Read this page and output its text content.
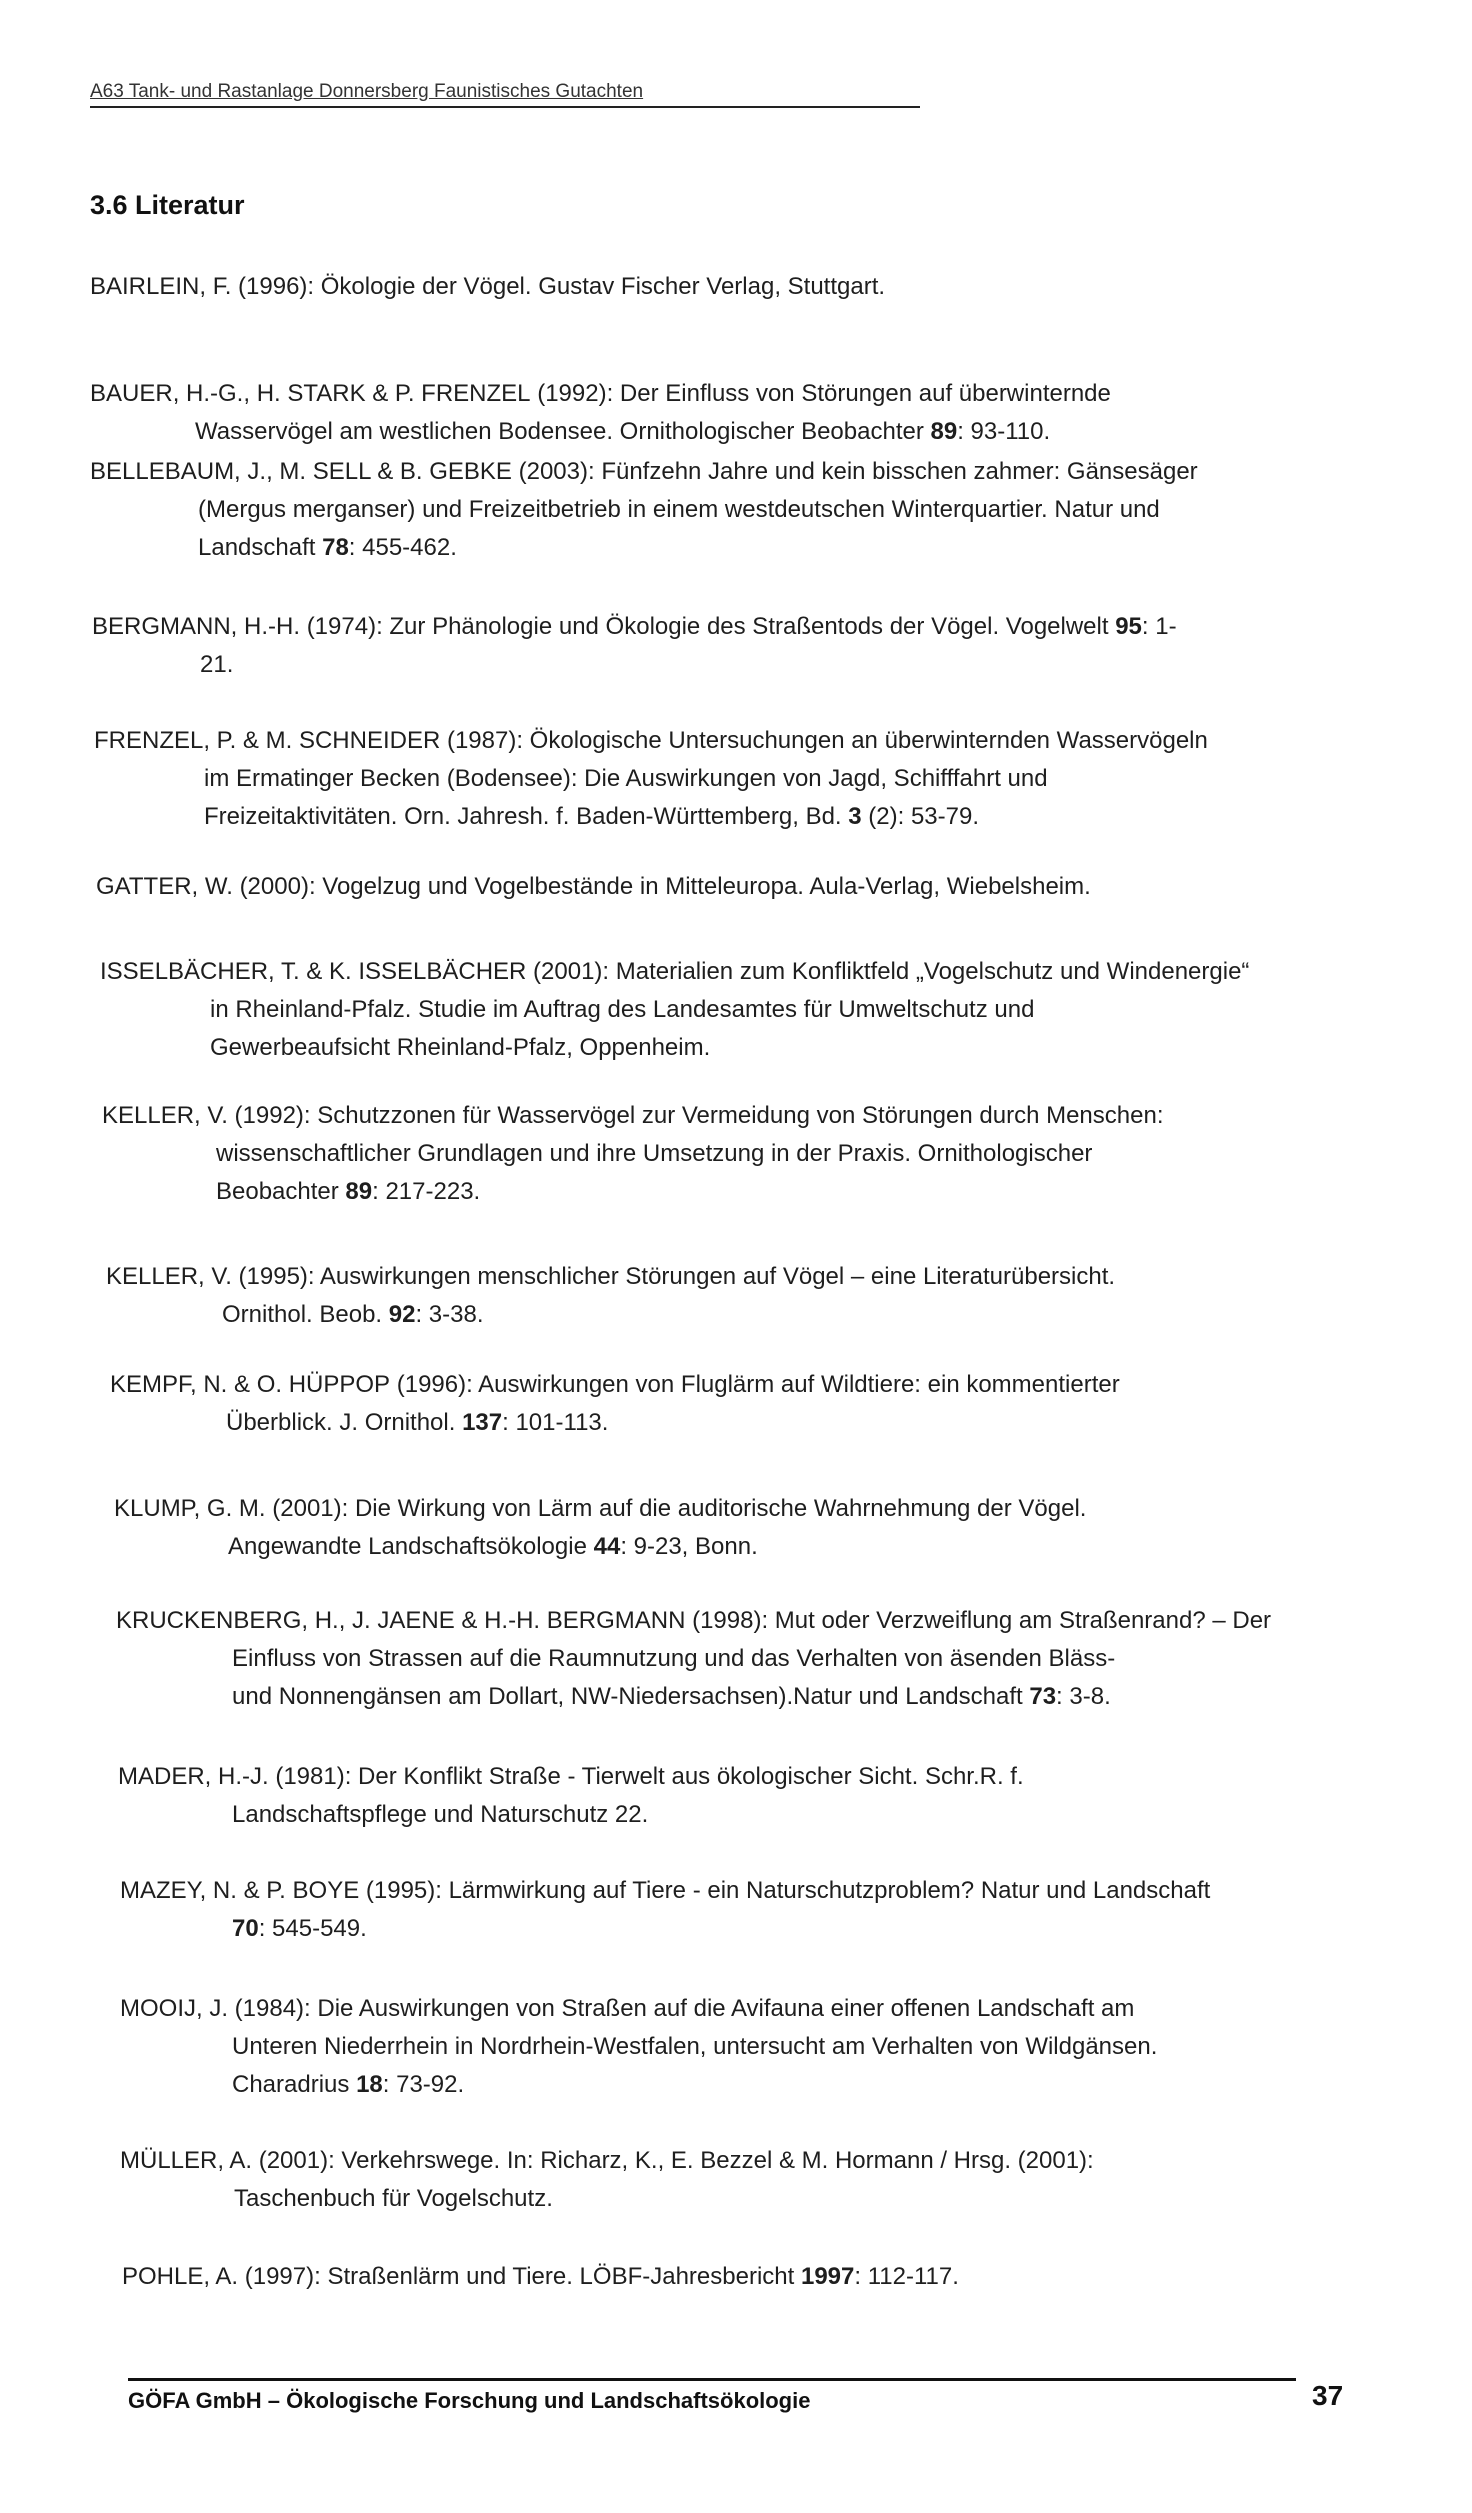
A63 Tank- und Rastanlage Donnersberg Faunistisches Gutachten
3.6 Literatur
BAIRLEIN, F. (1996): Ökologie der Vögel. Gustav Fischer Verlag, Stuttgart.
BAUER, H.-G., H. STARK & P. FRENZEL (1992): Der Einfluss von Störungen auf überwinternde
Wasservögel am westlichen Bodensee. Ornithologischer Beobachter 89: 93-110.
BELLEBAUM, J., M. SELL & B. GEBKE (2003): Fünfzehn Jahre und kein bisschen zahmer: Gänsesäger
(Mergus merganser) und Freizeitbetrieb in einem westdeutschen Winterquartier. Natur und
Landschaft 78: 455-462.
BERGMANN, H.-H. (1974): Zur Phänologie und Ökologie des Straßentods der Vögel. Vogelwelt 95: 1-
21.
FRENZEL, P. & M. SCHNEIDER (1987): Ökologische Untersuchungen an überwinternden Wasservögeln
im Ermatinger Becken (Bodensee): Die Auswirkungen von Jagd, Schifffahrt und
Freizeitaktivitäten. Orn. Jahresh. f. Baden-Württemberg, Bd. 3 (2): 53-79.
GATTER, W. (2000): Vogelzug und Vogelbestände in Mitteleuropa. Aula-Verlag, Wiebelsheim.
ISSELBÄCHER, T. & K. ISSELBÄCHER (2001): Materialien zum Konfliktfeld „Vogelschutz und Windenergie“
in Rheinland-Pfalz. Studie im Auftrag des Landesamtes für Umweltschutz und
Gewerbeaufsicht Rheinland-Pfalz, Oppenheim.
KELLER, V. (1992): Schutzzonen für Wasservögel zur Vermeidung von Störungen durch Menschen:
wissenschaftlicher Grundlagen und ihre Umsetzung in der Praxis. Ornithologischer
Beobachter 89: 217-223.
KELLER, V. (1995): Auswirkungen menschlicher Störungen auf Vögel – eine Literaturübersicht.
Ornithol. Beob. 92: 3-38.
KEMPF, N. & O. HÜPPOP (1996): Auswirkungen von Fluglärm auf Wildtiere: ein kommentierter
Überblick. J. Ornithol. 137: 101-113.
KLUMP, G. M. (2001): Die Wirkung von Lärm auf die auditorische Wahrnehmung der Vögel.
Angewandte Landschaftsökologie 44: 9-23, Bonn.
KRUCKENBERG, H., J. JAENE & H.-H. BERGMANN (1998): Mut oder Verzweiflung am Straßenrand? – Der
Einfluss von Strassen auf die Raumnutzung und das Verhalten von äsenden Bläss-
und Nonnengänsen am Dollart, NW-Niedersachsen).Natur und Landschaft 73: 3-8.
MADER, H.-J. (1981): Der Konflikt Straße - Tierwelt aus ökologischer Sicht. Schr.R. f.
Landschaftspflege und Naturschutz 22.
MAZEY, N. & P. BOYE (1995): Lärmwirkung auf Tiere - ein Naturschutzproblem? Natur und Landschaft
70: 545-549.
MOOIJ, J. (1984): Die Auswirkungen von Straßen auf die Avifauna einer offenen Landschaft am
Unteren Niederrhein in Nordrhein-Westfalen, untersucht am Verhalten von Wildgänsen.
Charadrius 18: 73-92.
MÜLLER, A. (2001): Verkehrswege. In: Richarz, K., E. Bezzel & M. Hormann / Hrsg. (2001):
Taschenbuch für Vogelschutz.
POHLE, A. (1997): Straßenlärm und Tiere. LÖBF-Jahresbericht 1997: 112-117.
GÖFA GmbH – Ökologische Forschung und Landschaftsökologie	37
